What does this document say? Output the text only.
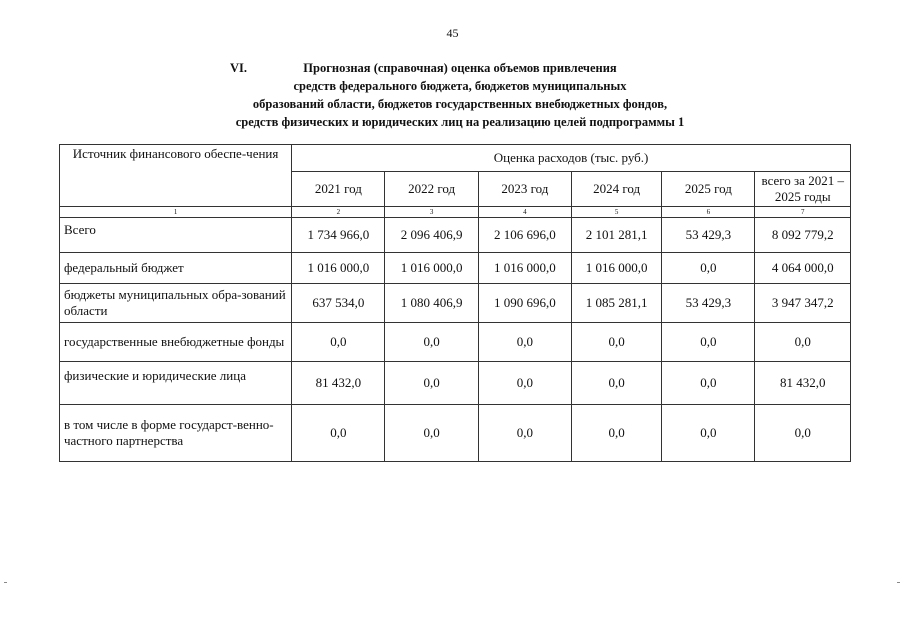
45
VI.	Прогнозная (справочная) оценка объемов привлечения
средств федерального бюджета, бюджетов муниципальных
образований области, бюджетов государственных внебюджетных фондов,
средств физических и юридических лиц на реализацию целей подпрограммы 1
Источник финансового обеспе-чения	Оценка расходов (тыс. руб.)					
	2021 год	2022 год	2023 год	2024 год	2025 год	всего за 2021 – 2025 годы
1	2	3	4	5	6	7
Всего	1 734 966,0	2 096 406,9	2 106 696,0	2 101 281,1	53 429,3	8 092 779,2
федеральный бюджет	1 016 000,0	1 016 000,0	1 016 000,0	1 016 000,0	0,0	4 064 000,0
бюджеты муниципальных обра-зований области	637 534,0	1 080 406,9	1 090 696,0	1 085 281,1	53 429,3	3 947 347,2
государственные внебюджетные фонды	0,0	0,0	0,0	0,0	0,0	0,0
физические и юридические лица	81 432,0	0,0	0,0	0,0	0,0	81 432,0
в том числе в форме государст-венно-частного партнерства	0,0	0,0	0,0	0,0	0,0	0,0
